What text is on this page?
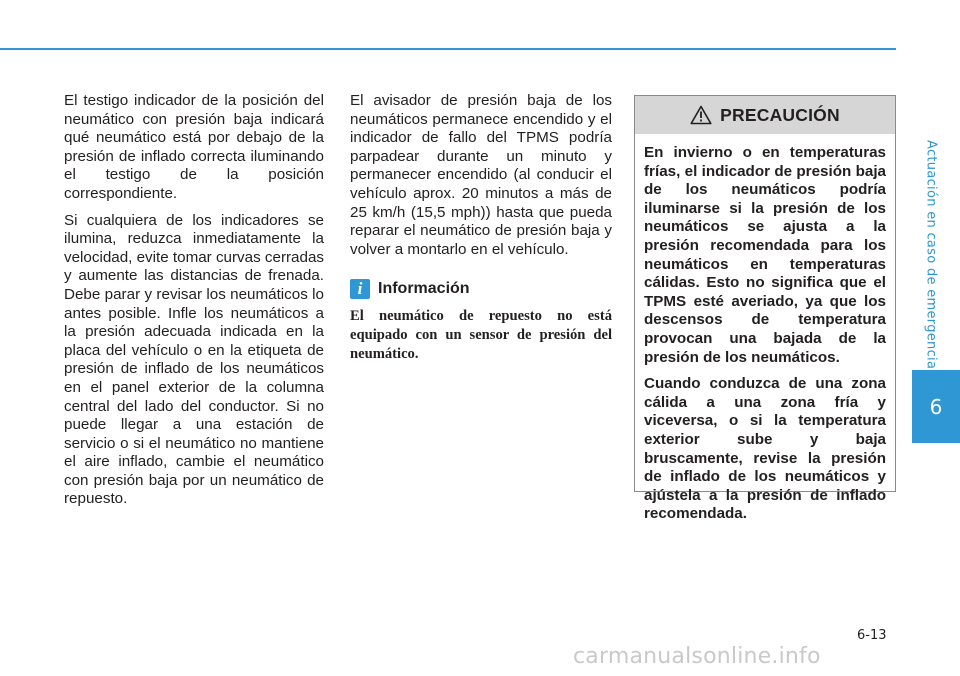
Actuación en caso de emergencia
6

El testigo indicador de la posición del neumático con presión baja indicará qué neumático está por debajo de la presión de inflado correcta iluminando el testigo de la posición correspondiente.

Si cualquiera de los indicadores se ilumina, reduzca inmediatamente la velocidad, evite tomar curvas cerradas y aumente las distancias de frenada. Debe parar y revisar los neumáticos lo antes posible. Infle los neumáticos a la presión adecuada indicada en la placa del vehículo o en la etiqueta de presión de inflado de los neumáticos en el panel exterior de la columna central del lado del conductor. Si no puede llegar a una estación de servicio o si el neumático no mantiene el aire inflado, cambie el neumático con presión baja por un neumático de repuesto.

El avisador de presión baja de los neumáticos permanece encendido y el indicador de fallo del TPMS podría parpadear durante un minuto y permanecer encendido (al conducir el vehículo aprox. 20 minutos a más de 25 km/h (15,5 mph)) hasta que pueda reparar el neumático de presión baja y volver a montarlo en el vehículo.

i Información

El neumático de repuesto no está equipado con un sensor de presión del neumático.

PRECAUCIÓN

En invierno o en temperaturas frías, el indicador de presión baja de los neumáticos podría iluminarse si la presión de los neumáticos se ajusta a la presión recomendada para los neumáticos en temperaturas cálidas. Esto no significa que el TPMS esté averiado, ya que los descensos de temperatura provocan una bajada de la presión de los neumáticos.

Cuando conduzca de una zona cálida a una zona fría y viceversa, o si la temperatura exterior sube y baja bruscamente, revise la presión de inflado de los neumáticos y ajústela a la presión de inflado recomendada.

6-13
carmanualsonline.info
